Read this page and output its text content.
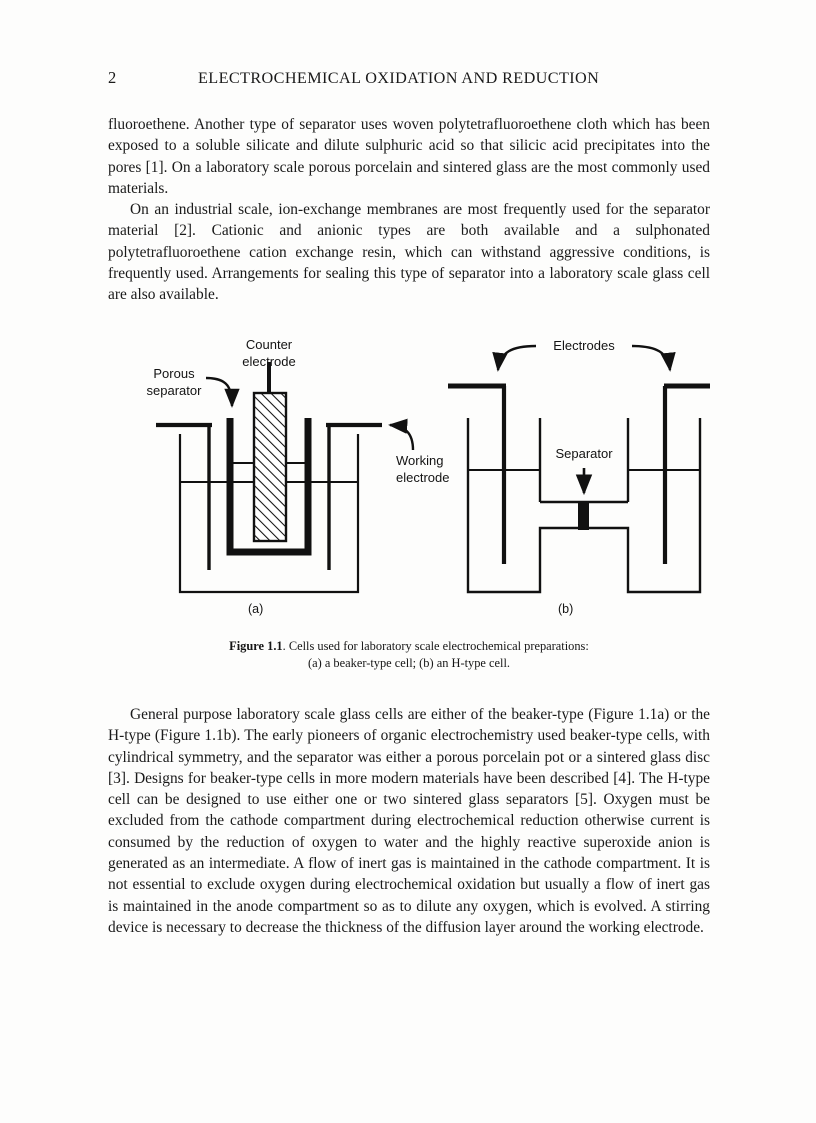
2	ELECTROCHEMICAL OXIDATION AND REDUCTION

fluoroethene. Another type of separator uses woven polytetrafluoroethene cloth which has been exposed to a soluble silicate and dilute sulphuric acid so that silicic acid precipitates into the pores [1]. On a laboratory scale porous porcelain and sintered glass are the most commonly used materials.

On an industrial scale, ion-exchange membranes are most frequently used for the separator material [2]. Cationic and anionic types are both available and a sulphonated polytetrafluoroethene cation exchange resin, which can withstand aggressive conditions, is frequently used. Arrangements for sealing this type of separator into a laboratory scale glass cell are also available.

Counter
electrode
Porous
separator
Working
electrode
Electrodes
Separator
(a)	(b)
Figure 1.1. Cells used for laboratory scale electrochemical preparations:
(a) a beaker-type cell; (b) an H-type cell.

General purpose laboratory scale glass cells are either of the beaker-type (Figure 1.1a) or the H-type (Figure 1.1b). The early pioneers of organic electrochemistry used beaker-type cells, with cylindrical symmetry, and the separator was either a porous porcelain pot or a sintered glass disc [3]. Designs for beaker-type cells in more modern materials have been described [4]. The H-type cell can be designed to use either one or two sintered glass separators [5]. Oxygen must be excluded from the cathode compartment during electrochemical reduction otherwise current is consumed by the reduction of oxygen to water and the highly reactive superoxide anion is generated as an intermediate. A flow of inert gas is maintained in the cathode compartment. It is not essential to exclude oxygen during electrochemical oxidation but usually a flow of inert gas is maintained in the anode compartment so as to dilute any oxygen, which is evolved. A stirring device is necessary to decrease the thickness of the diffusion layer around the working electrode.
